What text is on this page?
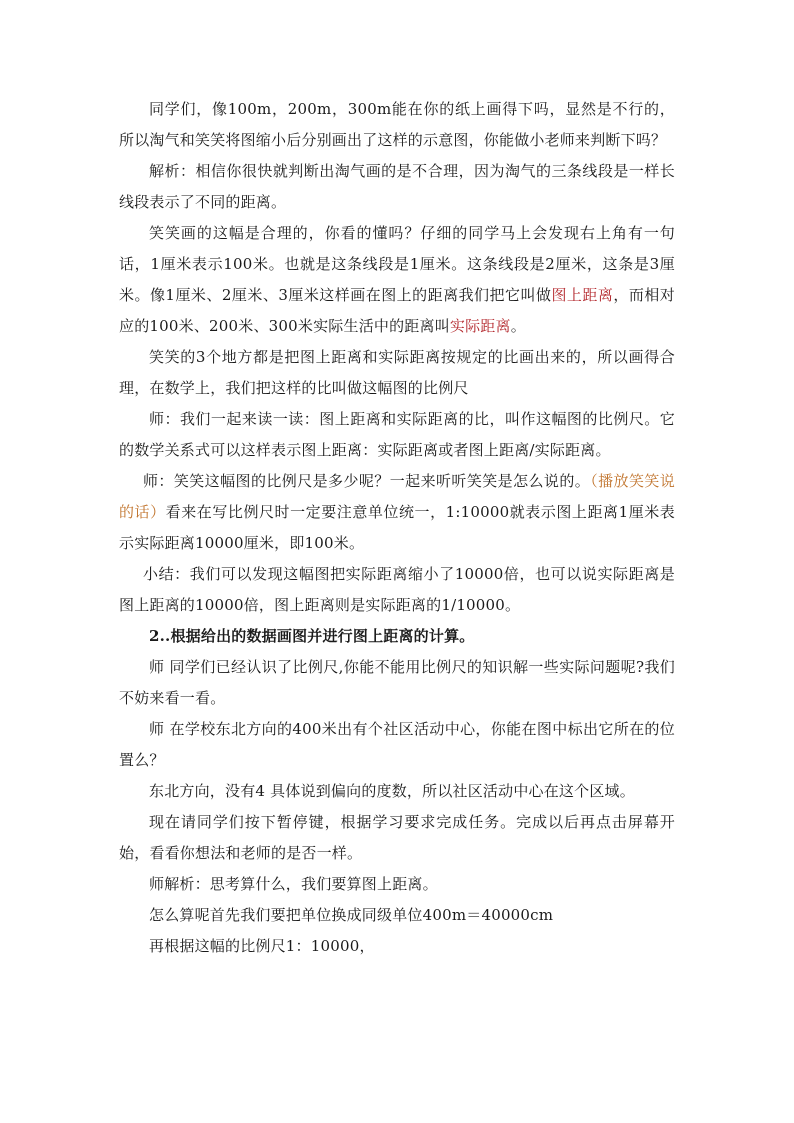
同学们，像100m，200m，300m能在你的纸上画得下吗，显然是不行的，所以淘气和笑笑将图缩小后分别画出了这样的示意图，你能做小老师来判断下吗？

解析：相信你很快就判断出淘气画的是不合理，因为淘气的三条线段是一样长线段表示了不同的距离。

笑笑画的这幅是合理的，你看的懂吗？仔细的同学马上会发现右上角有一句话，1厘米表示100米。也就是这条线段是1厘米。这条线段是2厘米，这条是3厘米。像1厘米、2厘米、3厘米这样画在图上的距离我们把它叫做图上距离，而相对应的100米、200米、300米实际生活中的距离叫实际距离。

笑笑的3个地方都是把图上距离和实际距离按规定的比画出来的，所以画得合理，在数学上，我们把这样的比叫做这幅图的比例尺

师：我们一起来读一读：图上距离和实际距离的比，叫作这幅图的比例尺。它的数学关系式可以这样表示图上距离：实际距离或者图上距离/实际距离。

师：笑笑这幅图的比例尺是多少呢？一起来听听笑笑是怎么说的。（播放笑笑说的话）看来在写比例尺时一定要注意单位统一，1:10000就表示图上距离1厘米表示实际距离10000厘米，即100米。

小结：我们可以发现这幅图把实际距离缩小了10000倍，也可以说实际距离是图上距离的10000倍，图上距离则是实际距离的1/10000。

2..根据给出的数据画图并进行图上距离的计算。

师 同学们已经认识了比例尺,你能不能用比例尺的知识解一些实际问题呢?我们不妨来看一看。

师 在学校东北方向的400米出有个社区活动中心，你能在图中标出它所在的位置么？

东北方向，没有4 具体说到偏向的度数，所以社区活动中心在这个区域。

现在请同学们按下暂停键，根据学习要求完成任务。完成以后再点击屏幕开始，看看你想法和老师的是否一样。

师解析：思考算什么，我们要算图上距离。

怎么算呢首先我们要把单位换成同级单位400m＝40000cm

再根据这幅的比例尺1：10000，
